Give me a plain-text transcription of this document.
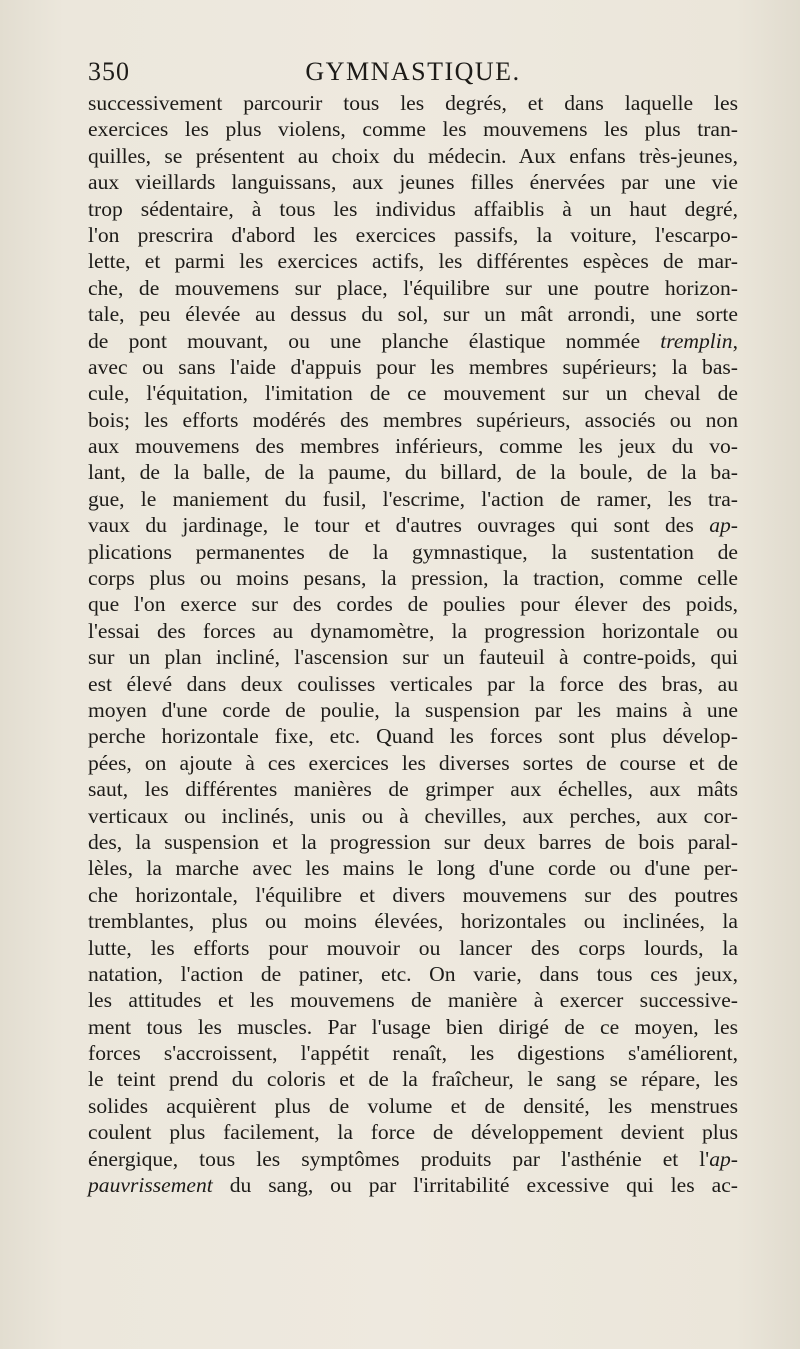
350	GYMNASTIQUE.
successivement parcourir tous les degrés, et dans laquelle les
exercices les plus violens, comme les mouvemens les plus tran-
quilles, se présentent au choix du médecin. Aux enfans très-jeunes,
aux vieillards languissans, aux jeunes filles énervées par une vie
trop sédentaire, à tous les individus affaiblis à un haut degré,
l'on prescrira d'abord les exercices passifs, la voiture, l'escarpo-
lette, et parmi les exercices actifs, les différentes espèces de mar-
che, de mouvemens sur place, l'équilibre sur une poutre horizon-
tale, peu élevée au dessus du sol, sur un mât arrondi, une sorte
de pont mouvant, ou une planche élastique nommée tremplin,
avec ou sans l'aide d'appuis pour les membres supérieurs; la bas-
cule, l'équitation, l'imitation de ce mouvement sur un cheval de
bois; les efforts modérés des membres supérieurs, associés ou non
aux mouvemens des membres inférieurs, comme les jeux du vo-
lant, de la balle, de la paume, du billard, de la boule, de la ba-
gue, le maniement du fusil, l'escrime, l'action de ramer, les tra-
vaux du jardinage, le tour et d'autres ouvrages qui sont des ap-
plications permanentes de la gymnastique, la sustentation de
corps plus ou moins pesans, la pression, la traction, comme celle
que l'on exerce sur des cordes de poulies pour élever des poids,
l'essai des forces au dynamomètre, la progression horizontale ou
sur un plan incliné, l'ascension sur un fauteuil à contre-poids, qui
est élevé dans deux coulisses verticales par la force des bras, au
moyen d'une corde de poulie, la suspension par les mains à une
perche horizontale fixe, etc. Quand les forces sont plus dévelop-
pées, on ajoute à ces exercices les diverses sortes de course et de
saut, les différentes manières de grimper aux échelles, aux mâts
verticaux ou inclinés, unis ou à chevilles, aux perches, aux cor-
des, la suspension et la progression sur deux barres de bois paral-
lèles, la marche avec les mains le long d'une corde ou d'une per-
che horizontale, l'équilibre et divers mouvemens sur des poutres
tremblantes, plus ou moins élevées, horizontales ou inclinées, la
lutte, les efforts pour mouvoir ou lancer des corps lourds, la
natation, l'action de patiner, etc. On varie, dans tous ces jeux,
les attitudes et les mouvemens de manière à exercer successive-
ment tous les muscles. Par l'usage bien dirigé de ce moyen, les
forces s'accroissent, l'appétit renaît, les digestions s'améliorent,
le teint prend du coloris et de la fraîcheur, le sang se répare, les
solides acquièrent plus de volume et de densité, les menstrues
coulent plus facilement, la force de développement devient plus
énergique, tous les symptômes produits par l'asthénie et l'ap-
pauvrissement du sang, ou par l'irritabilité excessive qui les ac-
